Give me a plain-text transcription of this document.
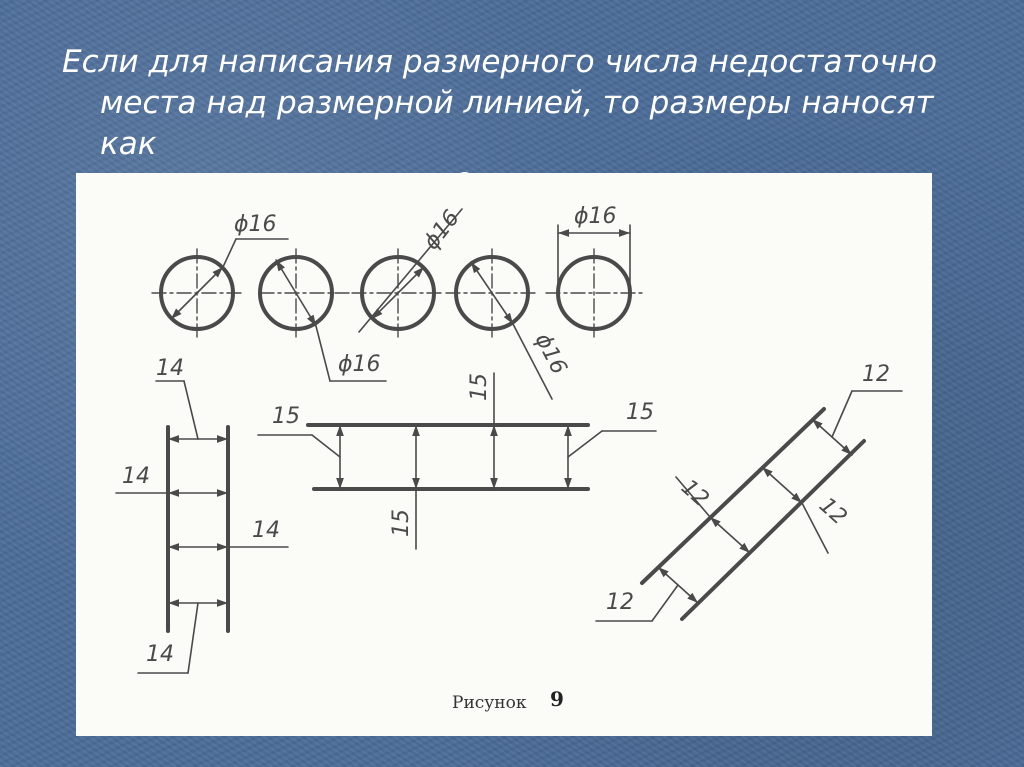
Если для написания размерного числа недостаточно
места над размерной линией, то размеры наносят как
ϕ16
ϕ16
ϕ16
ϕ16
ϕ16
14
14
14
14
15
15
15
15
12
12	12
12
Рисунок 9
